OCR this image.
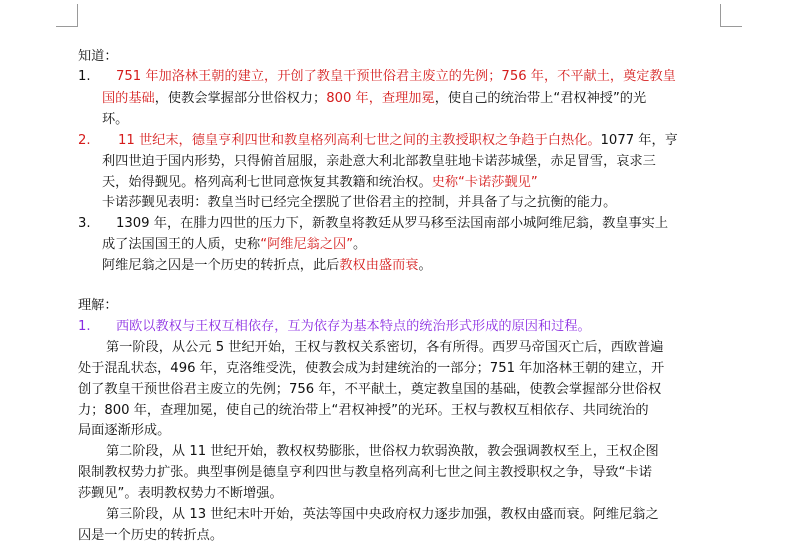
知道：
1. 751 年加洛林王朝的建立，开创了教皇干预世俗君主废立的先例；756 年，不平献土，奠定教皇
国的基础，使教会掌握部分世俗权力；800 年，查理加冕，使自己的统治带上“君权神授”的光
环。
2. 11 世纪末，德皇亨利四世和教皇格列高利七世之间的主教授职权之争趋于白热化。1077 年，亨
利四世迫于国内形势，只得俯首屈服，亲赴意大利北部教皇驻地卡诺莎城堡，赤足冒雪，哀求三
天，始得觐见。格列高利七世同意恢复其教籍和统治权。史称“卡诺莎觐见”
卡诺莎觐见表明：教皇当时已经完全摆脱了世俗君主的控制，并具备了与之抗衡的能力。
3. 1309 年，在腓力四世的压力下，新教皇将教廷从罗马移至法国南部小城阿维尼翁，教皇事实上
成了法国国王的人质，史称“阿维尼翁之囚”。
阿维尼翁之囚是一个历史的转折点，此后教权由盛而衰。
理解：
1. 西欧以教权与王权互相依存，互为依存为基本特点的统治形式形成的原因和过程。
第一阶段，从公元 5 世纪开始，王权与教权关系密切，各有所得。西罗马帝国灭亡后，西欧普遍
处于混乱状态，496 年，克洛维受洗，使教会成为封建统治的一部分；751 年加洛林王朝的建立，开
创了教皇干预世俗君主废立的先例；756 年，不平献土，奠定教皇国的基础，使教会掌握部分世俗权
力；800 年，查理加冕，使自己的统治带上“君权神授”的光环。王权与教权互相依存、共同统治的
局面逐渐形成。
第二阶段，从 11 世纪开始，教权权势膨胀，世俗权力软弱涣散，教会强调教权至上，王权企图
限制教权势力扩张。典型事例是德皇亨利四世与教皇格列高利七世之间主教授职权之争，导致“卡诺
莎觐见”。表明教权势力不断增强。
第三阶段，从 13 世纪末叶开始，英法等国中央政府权力逐步加强，教权由盛而衰。阿维尼翁之
囚是一个历史的转折点。
